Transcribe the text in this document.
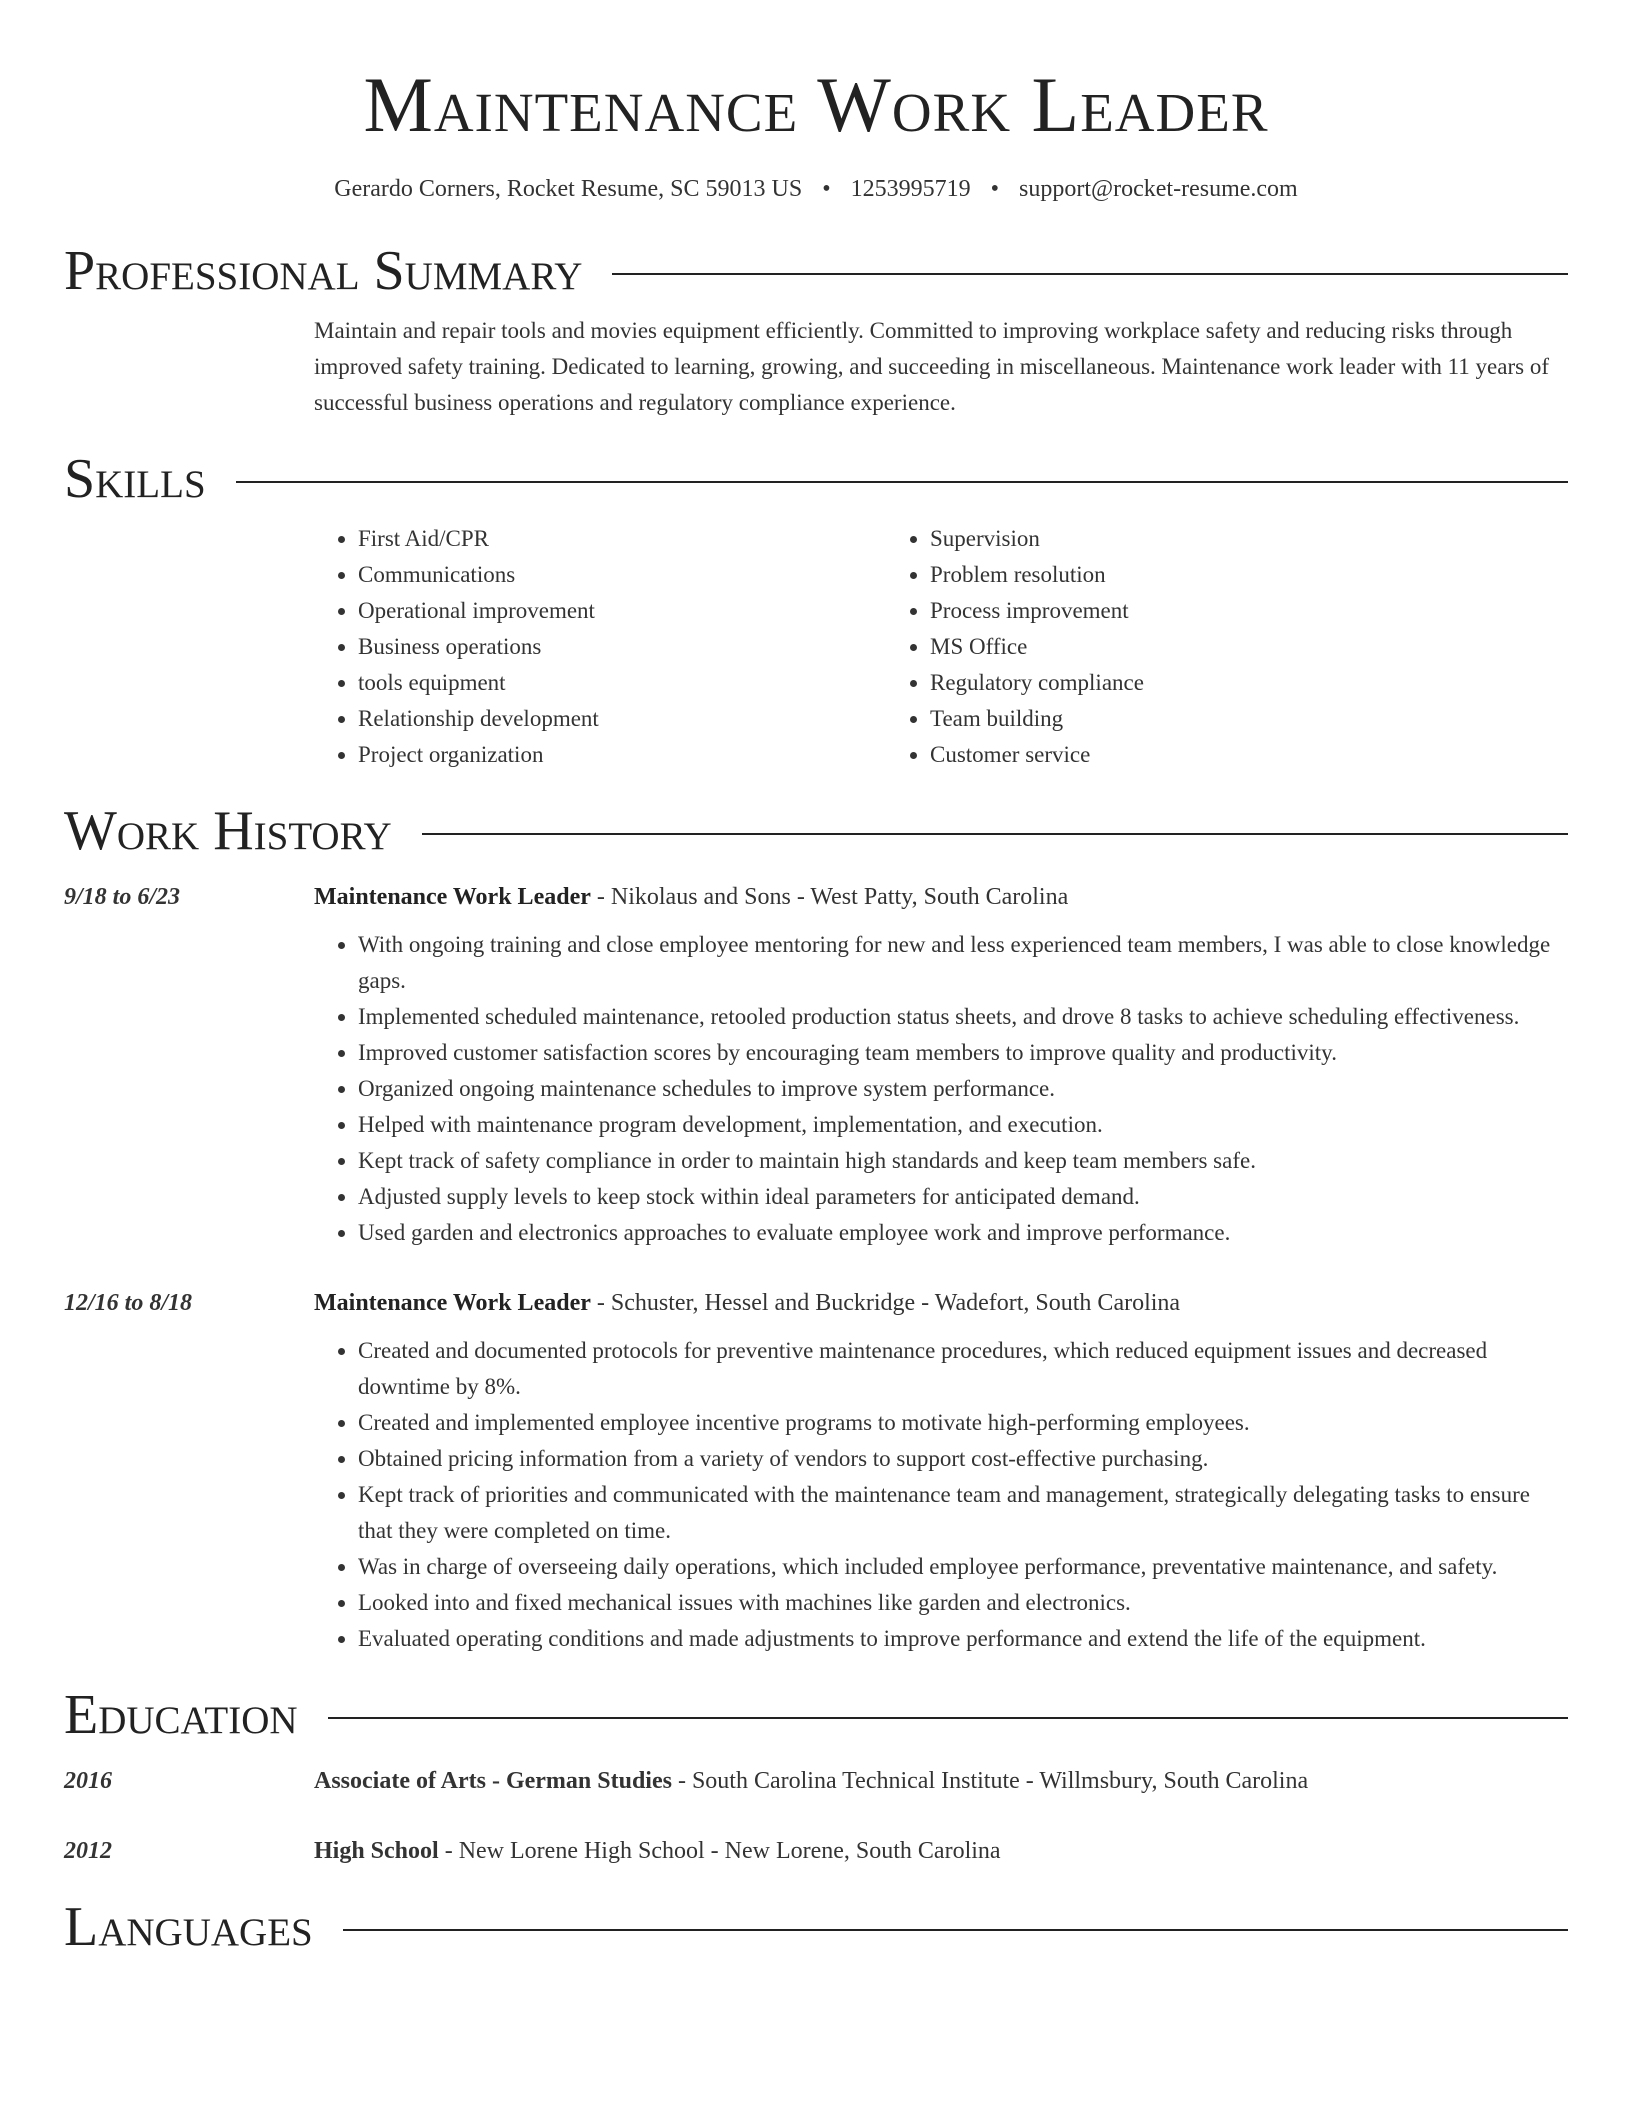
Maintenance Work Leader
Gerardo Corners, Rocket Resume, SC 59013 US • 1253995719 • support@rocket-resume.com
Professional Summary
Maintain and repair tools and movies equipment efficiently. Committed to improving workplace safety and reducing risks through improved safety training. Dedicated to learning, growing, and succeeding in miscellaneous. Maintenance work leader with 11 years of successful business operations and regulatory compliance experience.
Skills
• First Aid/CPR
• Communications
• Operational improvement
• Business operations
• tools equipment
• Relationship development
• Project organization
• Supervision
• Problem resolution
• Process improvement
• MS Office
• Regulatory compliance
• Team building
• Customer service
Work History
9/18 to 6/23	Maintenance Work Leader - Nikolaus and Sons - West Patty, South Carolina
• With ongoing training and close employee mentoring for new and less experienced team members, I was able to close knowledge gaps.
• Implemented scheduled maintenance, retooled production status sheets, and drove 8 tasks to achieve scheduling effectiveness.
• Improved customer satisfaction scores by encouraging team members to improve quality and productivity.
• Organized ongoing maintenance schedules to improve system performance.
• Helped with maintenance program development, implementation, and execution.
• Kept track of safety compliance in order to maintain high standards and keep team members safe.
• Adjusted supply levels to keep stock within ideal parameters for anticipated demand.
• Used garden and electronics approaches to evaluate employee work and improve performance.
12/16 to 8/18	Maintenance Work Leader - Schuster, Hessel and Buckridge - Wadefort, South Carolina
• Created and documented protocols for preventive maintenance procedures, which reduced equipment issues and decreased downtime by 8%.
• Created and implemented employee incentive programs to motivate high-performing employees.
• Obtained pricing information from a variety of vendors to support cost-effective purchasing.
• Kept track of priorities and communicated with the maintenance team and management, strategically delegating tasks to ensure that they were completed on time.
• Was in charge of overseeing daily operations, which included employee performance, preventative maintenance, and safety.
• Looked into and fixed mechanical issues with machines like garden and electronics.
• Evaluated operating conditions and made adjustments to improve performance and extend the life of the equipment.
Education
2016	Associate of Arts - German Studies - South Carolina Technical Institute - Willmsbury, South Carolina
2012	High School - New Lorene High School - New Lorene, South Carolina
Languages
